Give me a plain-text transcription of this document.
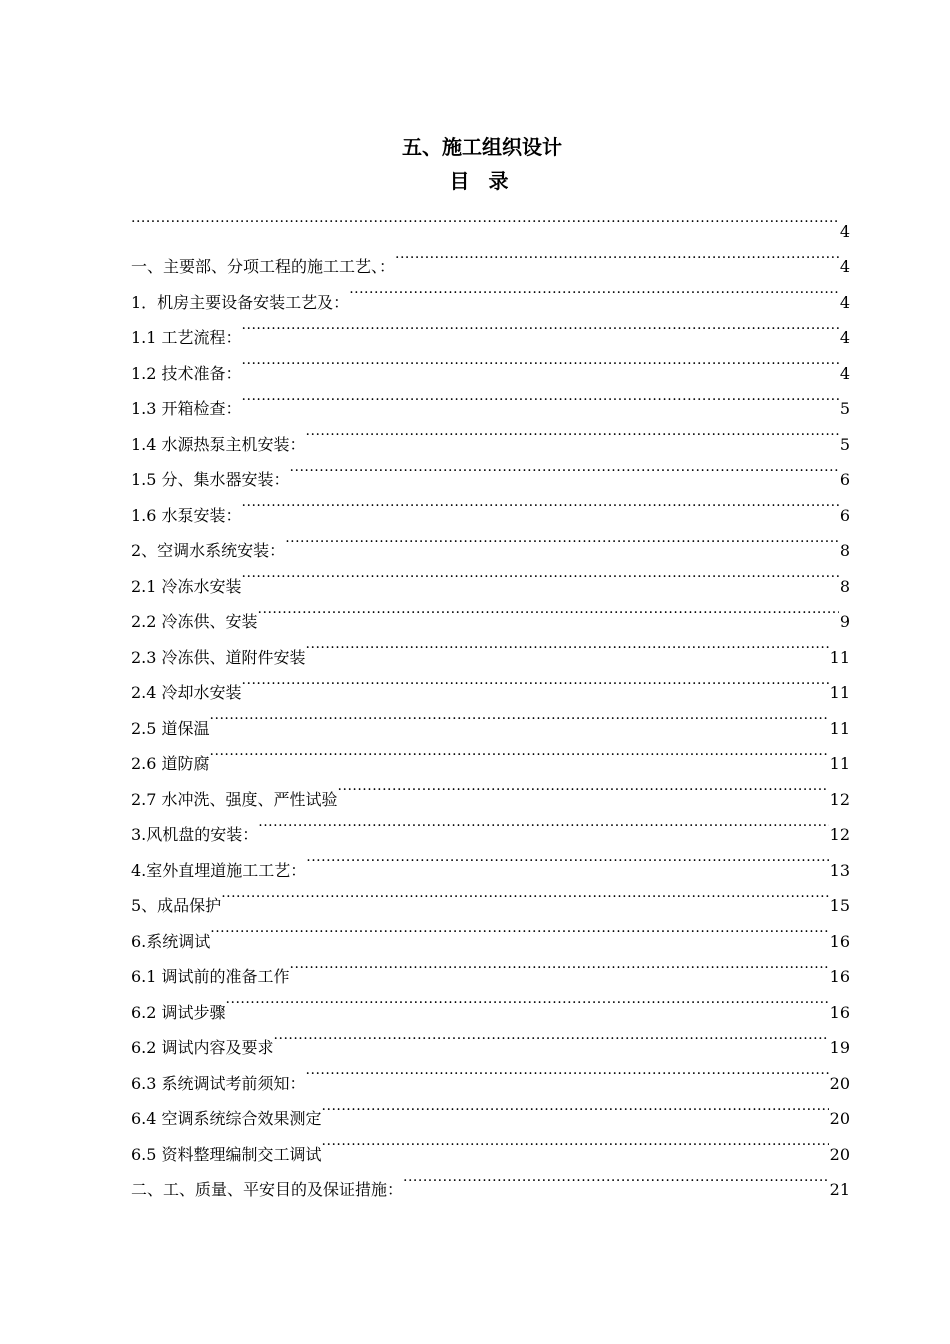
五、施工组织设计
目 录
.....
4
一、主要部、分项工程的施工工艺、： .....	4
1．机房主要设备安装工艺及： .....	4
1.1 工艺流程： .....	4
1.2 技术准备： .....	4
1.3 开箱检查： .....	5
1.4 水源热泵主机安装： .....	5
1.5 分、集水器安装： .....	6
1.6 水泵安装： .....	6
2、空调水系统安装： .....	8
2.1 冷冻水安装 .....	8
2.2 冷冻供、安装 .....	9
2.3 冷冻供、道附件安装 .....	11
2.4 冷却水安装 .....	11
2.5 道保温 .....	11
2.6 道防腐 .....	11
2.7 水冲洗、强度、严性试验 .....	12
3.风机盘的安装： .....	12
4.室外直埋道施工工艺： .....	13
5、成品保护 .....	15
6.系统调试 .....	16
6.1 调试前的准备工作 .....	16
6.2 调试步骤 .....	16
6.2 调试内容及要求 .....	19
6.3 系统调试考前须知： .....	20
6.4 空调系统综合效果测定 .....	20
6.5 资料整理编制交工调试 .....	20
二、工、质量、平安目的及保证措施： .....	21
